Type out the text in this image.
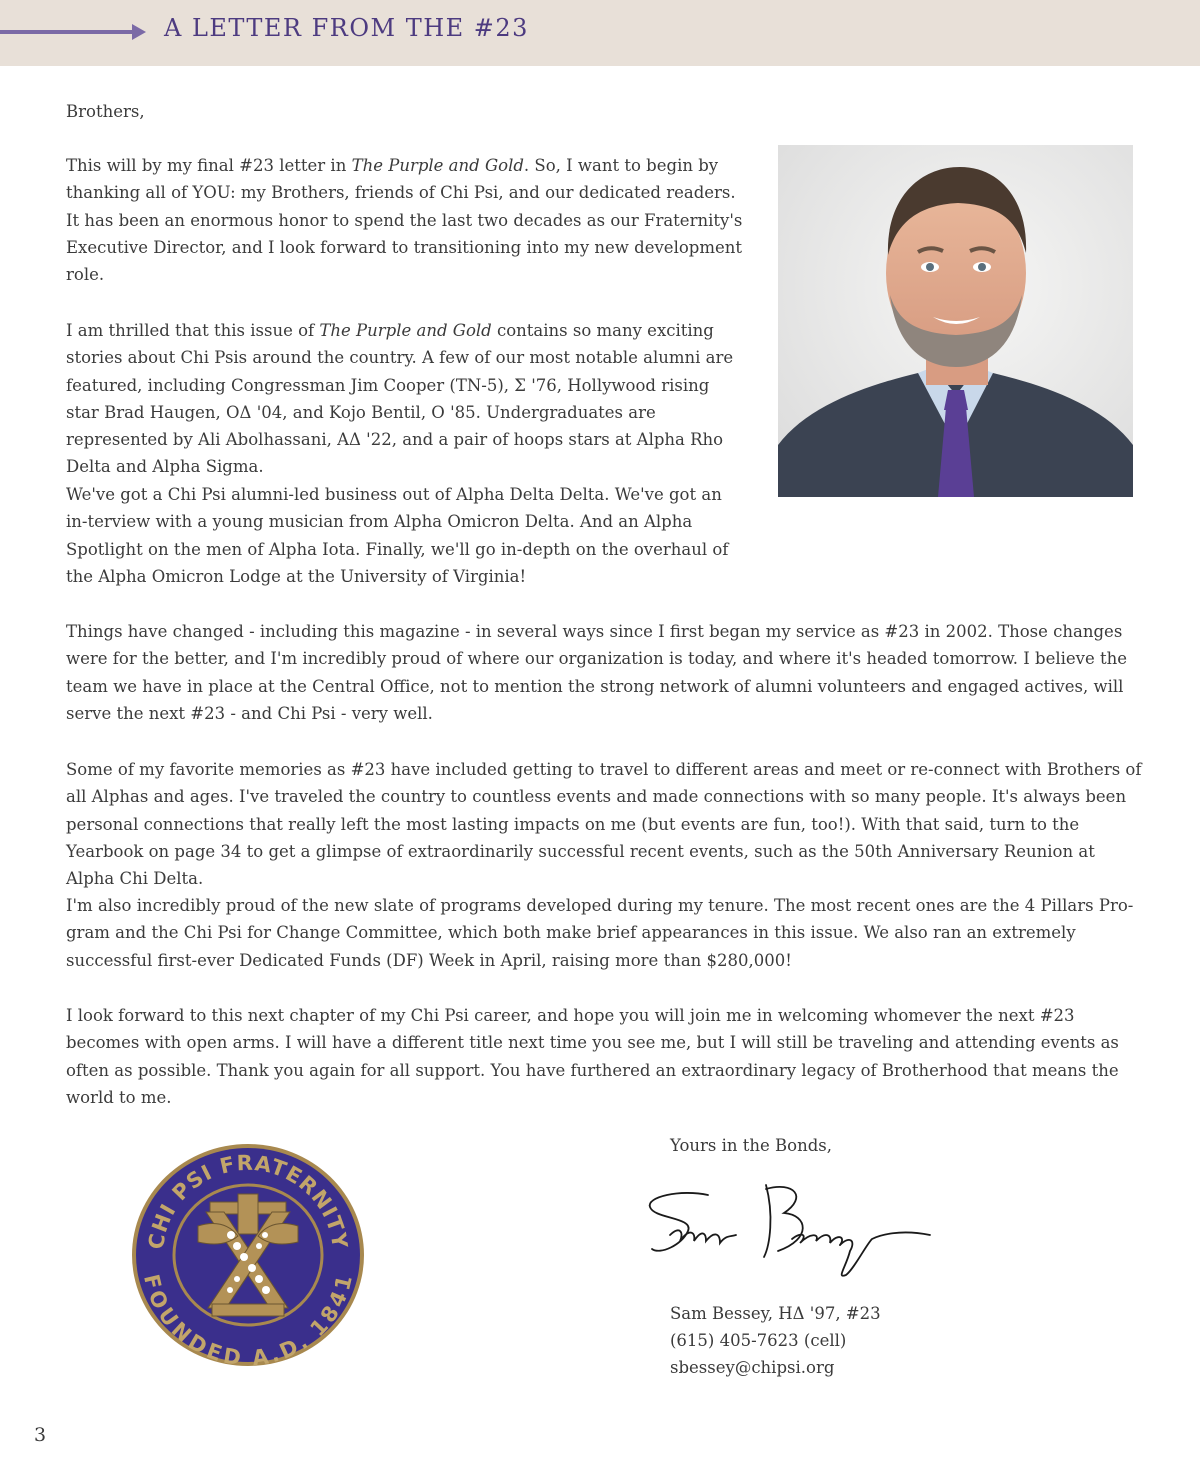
A LETTER FROM THE #23

Brothers,

This will by my final #23 letter in The Purple and Gold. So, I want to begin by thanking all of YOU: my Brothers, friends of Chi Psi, and our dedicated readers. It has been an enormous honor to spend the last two decades as our Fraternity's Executive Director, and I look forward to transitioning into my new development role.

I am thrilled that this issue of The Purple and Gold contains so many exciting stories about Chi Psis around the country. A few of our most notable alumni are featured, including Congressman Jim Cooper (TN-5), Σ '76, Hollywood rising star Brad Haugen, OΔ '04, and Kojo Bentil, O '85. Undergraduates are represented by Ali Abolhassani, AΔ '22, and a pair of hoops stars at Alpha Rho Delta and Alpha Sigma.

We've got a Chi Psi alumni-led business out of Alpha Delta Delta. We've got an in-terview with a young musician from Alpha Omicron Delta. And an Alpha Spotlight on the men of Alpha Iota. Finally, we'll go in-depth on the overhaul of the Alpha Omicron Lodge at the University of Virginia!

Things have changed - including this magazine - in several ways since I first began my service as #23 in 2002. Those changes were for the better, and I'm incredibly proud of where our organization is today, and where it's headed tomorrow. I believe the team we have in place at the Central Office, not to mention the strong network of alumni volunteers and engaged actives, will serve the next #23 - and Chi Psi - very well.

Some of my favorite memories as #23 have included getting to travel to different areas and meet or re-connect with Brothers of all Alphas and ages. I've traveled the country to countless events and made connections with so many people. It's always been personal connections that really left the most lasting impacts on me (but events are fun, too!). With that said, turn to the Yearbook on page 34 to get a glimpse of extraordinarily successful recent events, such as the 50th Anniversary Reunion at Alpha Chi Delta.

I'm also incredibly proud of the new slate of programs developed during my tenure. The most recent ones are the 4 Pillars Pro-gram and the Chi Psi for Change Committee, which both make brief appearances in this issue. We also ran an extremely successful first-ever Dedicated Funds (DF) Week in April, raising more than $280,000!

I look forward to this next chapter of my Chi Psi career, and hope you will join me in welcoming whomever the next #23 becomes with open arms. I will have a different title next time you see me, but I will still be traveling and attending events as often as possible. Thank you again for all support. You have furthered an extraordinary legacy of Brotherhood that means the world to me.

CHI PSI FRATERNITY
FOUNDED A.D. 1841
Yours in the Bonds,
Sam Bessey, HΔ '97, #23
(615) 405-7623 (cell)
sbessey@chipsi.org
3
